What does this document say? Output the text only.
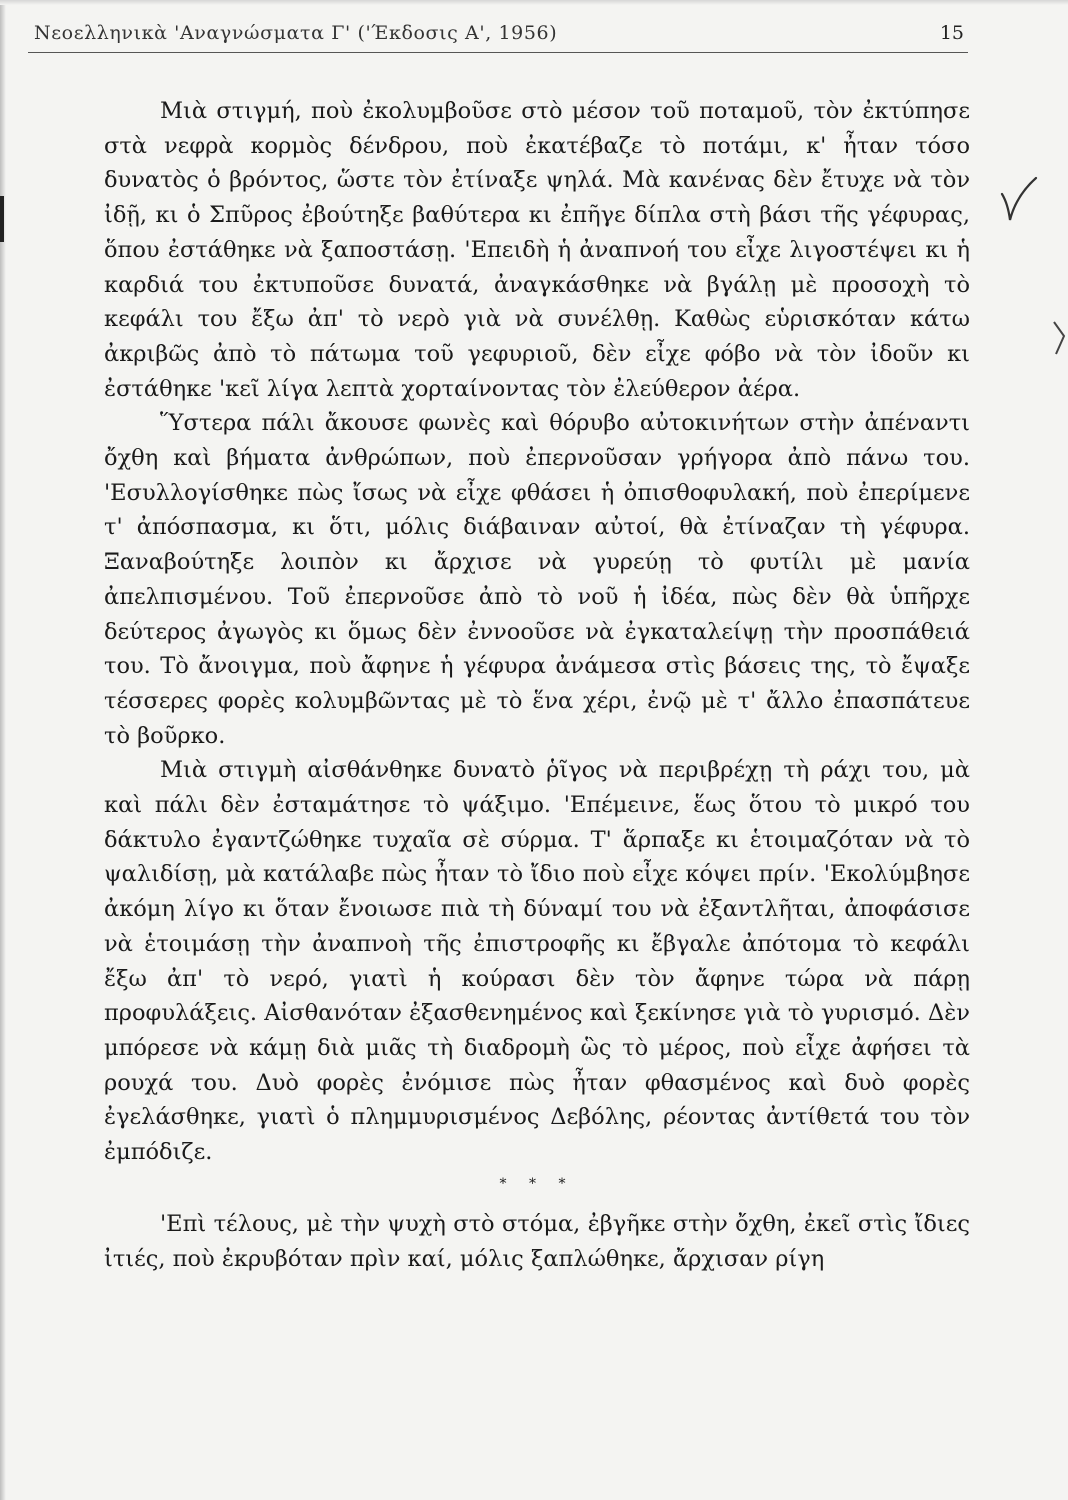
Νεοελληνικὰ 'Αναγνώσματα Γ' ('Έκδοσις Α', 1956)	15

Μιὰ στιγμή, ποὺ ἐκολυμβοῦσε στὸ μέσον τοῦ ποταμοῦ, τὸν ἐκτύπησε στὰ νεφρὰ κορμὸς δένδρου, ποὺ ἐκατέβαζε τὸ ποτάμι, κ' ἦταν τόσο δυνατὸς ὁ βρόντος, ὥστε τὸν ἐτίναξε ψηλά. Μὰ κανένας δὲν ἔτυχε νὰ τὸν ἰδῇ, κι ὁ Σπῦρος ἐβούτηξε βαθύτερα κι ἐπῆγε δίπλα στὴ βάσι τῆς γέφυρας, ὅπου ἐστάθηκε νὰ ξαποστάσῃ. 'Επειδὴ ἡ ἀναπνοή του εἶχε λιγοστέψει κι ἡ καρδιά του ἐκτυποῦσε δυνατά, ἀναγκάσθηκε νὰ βγάλῃ μὲ προσοχὴ τὸ κεφάλι του ἔξω ἀπ' τὸ νερὸ γιὰ νὰ συνέλθῃ. Καθὼς εὑρισκόταν κάτω ἀκριβῶς ἀπὸ τὸ πάτωμα τοῦ γεφυριοῦ, δὲν εἶχε φόβο νὰ τὸν ἰδοῦν κι ἐστάθηκε 'κεῖ λίγα λεπτὰ χορταίνοντας τὸν ἐλεύθερον ἀέρα.

Ὕστερα πάλι ἄκουσε φωνὲς καὶ θόρυβο αὐτοκινήτων στὴν ἀπέναντι ὄχθη καὶ βήματα ἀνθρώπων, ποὺ ἐπερνοῦσαν γρήγορα ἀπὸ πάνω του. 'Εσυλλογίσθηκε πὼς ἴσως νὰ εἶχε φθάσει ἡ ὀπισθοφυλακή, ποὺ ἐπερίμενε τ' ἀπόσπασμα, κι ὅτι, μόλις διάβαιναν αὐτοί, θὰ ἐτίναζαν τὴ γέφυρα. Ξαναβούτηξε λοιπὸν κι ἄρχισε νὰ γυρεύῃ τὸ φυτίλι μὲ μανία ἀπελπισμένου. Τοῦ ἐπερνοῦσε ἀπὸ τὸ νοῦ ἡ ἰδέα, πὼς δὲν θὰ ὑπῆρχε δεύτερος ἀγωγὸς κι ὅμως δὲν ἐννοοῦσε νὰ ἐγκαταλείψῃ τὴν προσπάθειά του. Τὸ ἄνοιγμα, ποὺ ἄφηνε ἡ γέφυρα ἀνάμεσα στὶς βάσεις της, τὸ ἔψαξε τέσσερες φορὲς κολυμβῶντας μὲ τὸ ἕνα χέρι, ἐνῷ μὲ τ' ἄλλο ἐπασπάτευε τὸ βοῦρκο.

Μιὰ στιγμὴ αἰσθάνθηκε δυνατὸ ῥῖγος νὰ περιβρέχῃ τὴ ράχι του, μὰ καὶ πάλι δὲν ἐσταμάτησε τὸ ψάξιμο. 'Επέμεινε, ἕως ὅτου τὸ μικρό του δάκτυλο ἐγαντζώθηκε τυχαῖα σὲ σύρμα. Τ' ἅρπαξε κι ἑτοιμαζόταν νὰ τὸ ψαλιδίσῃ, μὰ κατάλαβε πὼς ἦταν τὸ ἴδιο ποὺ εἶχε κόψει πρίν. 'Εκολύμβησε ἀκόμη λίγο κι ὅταν ἔνοιωσε πιὰ τὴ δύναμί του νὰ ἐξαντλῆται, ἀποφάσισε νὰ ἑτοιμάσῃ τὴν ἀναπνοὴ τῆς ἐπιστροφῆς κι ἔβγαλε ἀπότομα τὸ κεφάλι ἔξω ἀπ' τὸ νερό, γιατὶ ἡ κούρασι δὲν τὸν ἄφηνε τώρα νὰ πάρῃ προφυλάξεις. Αἰσθανόταν ἐξασθενημένος καὶ ξεκίνησε γιὰ τὸ γυρισμό. Δὲν μπόρεσε νὰ κάμῃ διὰ μιᾶς τὴ διαδρομὴ ὣς τὸ μέρος, ποὺ εἶχε ἀφήσει τὰ ρουχά του. Δυὸ φορὲς ἐνόμισε πὼς ἦταν φθασμένος καὶ δυὸ φορὲς ἐγελάσθηκε, γιατὶ ὁ πλημμυρισμένος Δεβόλης, ρέοντας ἀντίθετά του τὸν ἐμπόδιζε.

* * *

'Επὶ τέλους, μὲ τὴν ψυχὴ στὸ στόμα, ἐβγῆκε στὴν ὄχθη, ἐκεῖ στὶς ἴδιες ἰτιές, ποὺ ἐκρυβόταν πρὶν καί, μόλις ξαπλώθηκε, ἄρχισαν ρίγη
